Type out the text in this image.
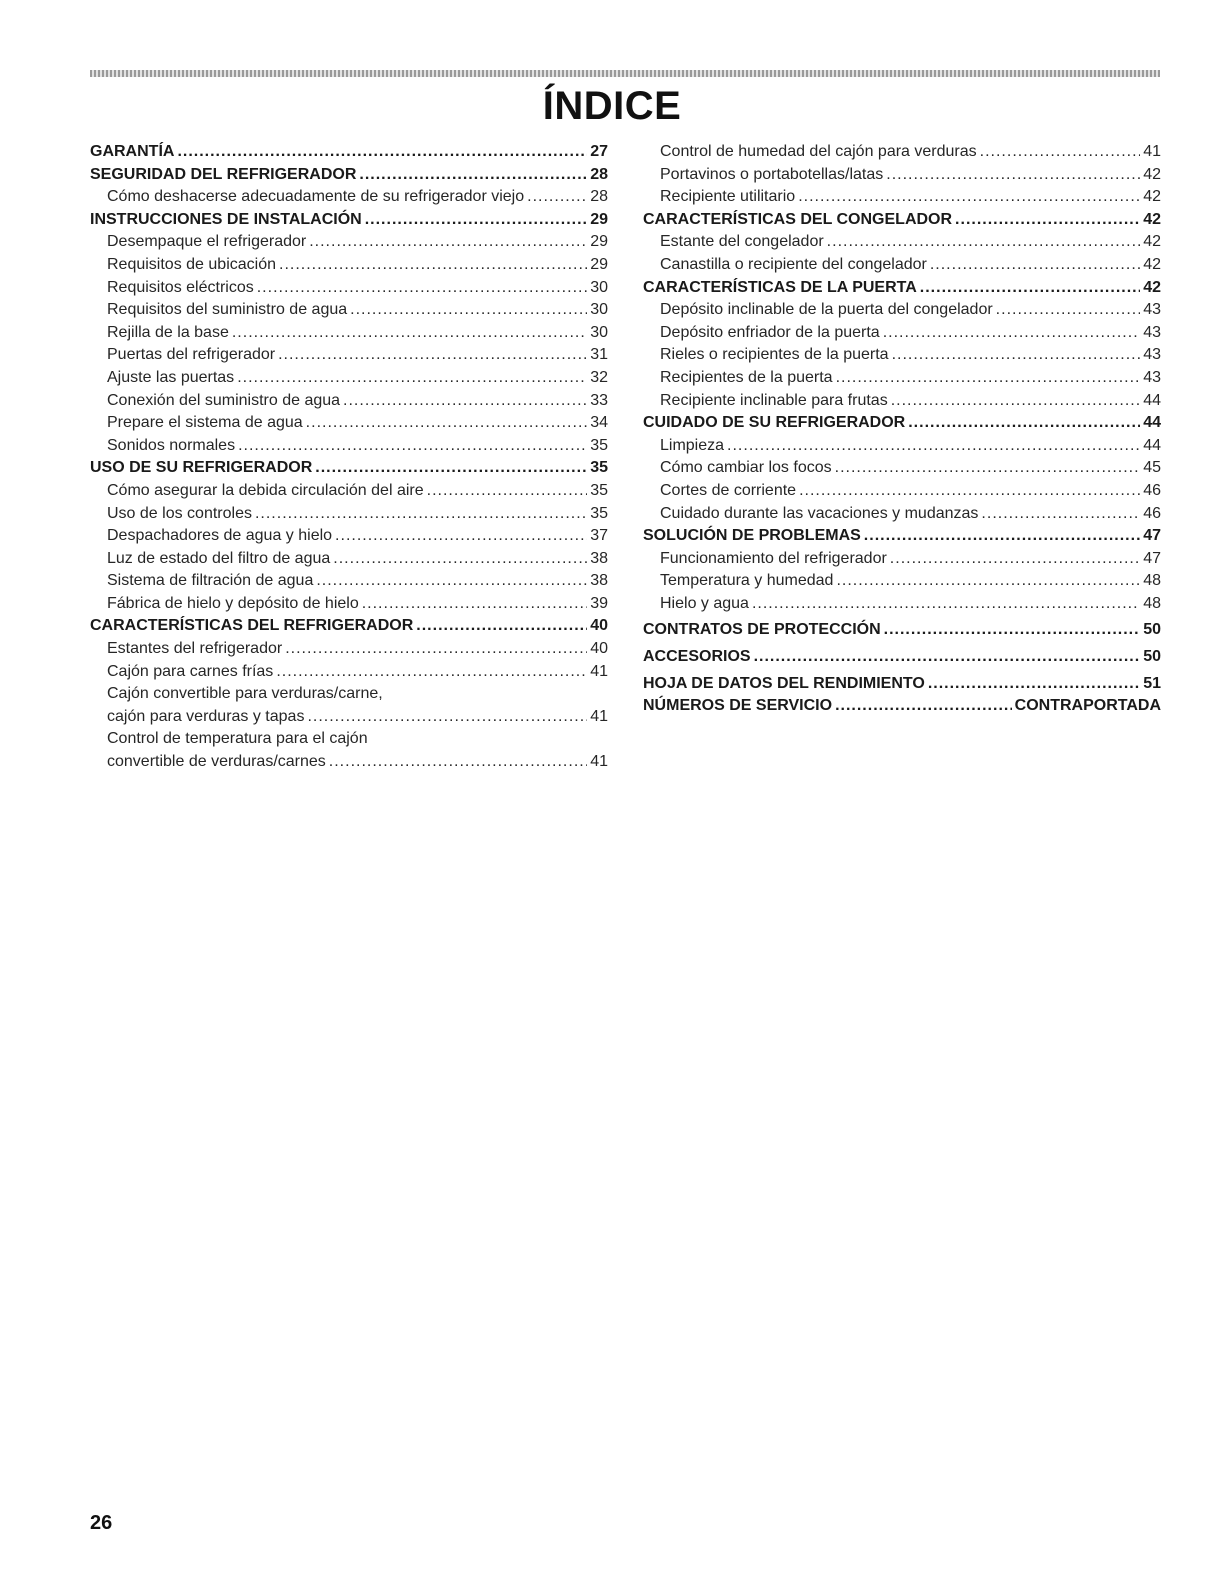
ÍNDICE
GARANTÍA .....	27
SEGURIDAD DEL REFRIGERADOR .....	28
Cómo deshacerse adecuadamente de su refrigerador viejo .....	28
INSTRUCCIONES DE INSTALACIÓN .....	29
Desempaque el refrigerador .....	29
Requisitos de ubicación .....	29
Requisitos eléctricos .....	30
Requisitos del suministro de agua .....	30
Rejilla de la base .....	30
Puertas del refrigerador .....	31
Ajuste las puertas .....	32
Conexión del suministro de agua .....	33
Prepare el sistema de agua .....	34
Sonidos normales .....	35
USO DE SU REFRIGERADOR .....	35
Cómo asegurar la debida circulación del aire .....	35
Uso de los controles .....	35
Despachadores de agua y hielo .....	37
Luz de estado del filtro de agua .....	38
Sistema de filtración de agua .....	38
Fábrica de hielo y depósito de hielo .....	39
CARACTERÍSTICAS DEL REFRIGERADOR .....	40
Estantes del refrigerador .....	40
Cajón para carnes frías .....	41
Cajón convertible para verduras/carne,
cajón para verduras y tapas .....	41
Control de temperatura para el cajón
convertible de verduras/carnes .....	41
Control de humedad del cajón para verduras .....	41
Portavinos o portabotellas/latas .....	42
Recipiente utilitario .....	42
CARACTERÍSTICAS DEL CONGELADOR .....	42
Estante del congelador .....	42
Canastilla o recipiente del congelador .....	42
CARACTERÍSTICAS DE LA PUERTA .....	42
Depósito inclinable de la puerta del congelador .....	43
Depósito enfriador de la puerta .....	43
Rieles o recipientes de la puerta .....	43
Recipientes de la puerta .....	43
Recipiente inclinable para frutas .....	44
CUIDADO DE SU REFRIGERADOR .....	44
Limpieza .....	44
Cómo cambiar los focos .....	45
Cortes de corriente .....	46
Cuidado durante las vacaciones y mudanzas .....	46
SOLUCIÓN DE PROBLEMAS .....	47
Funcionamiento del refrigerador .....	47
Temperatura y humedad .....	48
Hielo y agua .....	48
CONTRATOS DE PROTECCIÓN .....	50
ACCESORIOS .....	50
HOJA DE DATOS DEL RENDIMIENTO .....	51
NÚMEROS DE SERVICIO .....	CONTRAPORTADA
26
